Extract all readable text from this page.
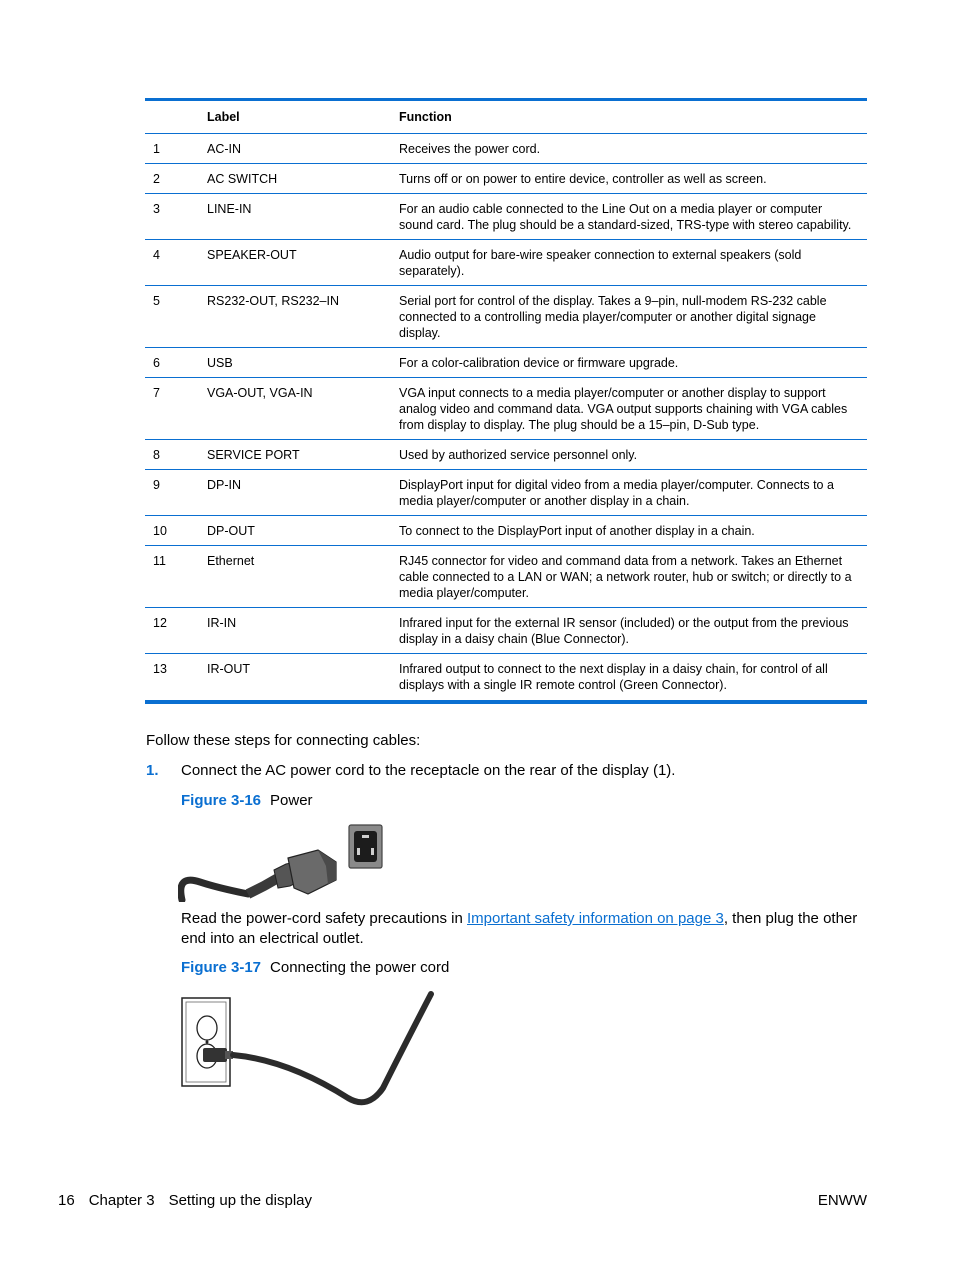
	Label	Function
1	AC-IN	Receives the power cord.
2	AC SWITCH	Turns off or on power to entire device, controller as well as screen.
3	LINE-IN	For an audio cable connected to the Line Out on a media player or computer sound card. The plug should be a standard-sized, TRS-type with stereo capability.
4	SPEAKER-OUT	Audio output for bare-wire speaker connection to external speakers (sold separately).
5	RS232-OUT, RS232–IN	Serial port for control of the display. Takes a 9–pin, null-modem RS-232 cable connected to a controlling media player/computer or another digital signage display.
6	USB	For a color-calibration device or firmware upgrade.
7	VGA-OUT, VGA-IN	VGA input connects to a media player/computer or another display to support analog video and command data. VGA output supports chaining with VGA cables from display to display. The plug should be a 15–pin, D-Sub type.
8	SERVICE PORT	Used by authorized service personnel only.
9	DP-IN	DisplayPort input for digital video from a media player/computer. Connects to a media player/computer or another display in a chain.
10	DP-OUT	To connect to the DisplayPort input of another display in a chain.
11	Ethernet	RJ45 connector for video and command data from a network. Takes an Ethernet cable connected to a LAN or WAN; a network router, hub or switch; or directly to a media player/computer.
12	IR-IN	Infrared input for the external IR sensor (included) or the output from the previous display in a daisy chain (Blue Connector).
13	IR-OUT	Infrared output to connect to the next display in a daisy chain, for control of all displays with a single IR remote control (Green Connector).
Follow these steps for connecting cables:
1. Connect the AC power cord to the receptacle on the rear of the display (1).
Figure 3-16 Power
Read the power-cord safety precautions in Important safety information on page 3, then plug the other end into an electrical outlet.
Figure 3-17 Connecting the power cord
16 Chapter 3 Setting up the display	ENWW
